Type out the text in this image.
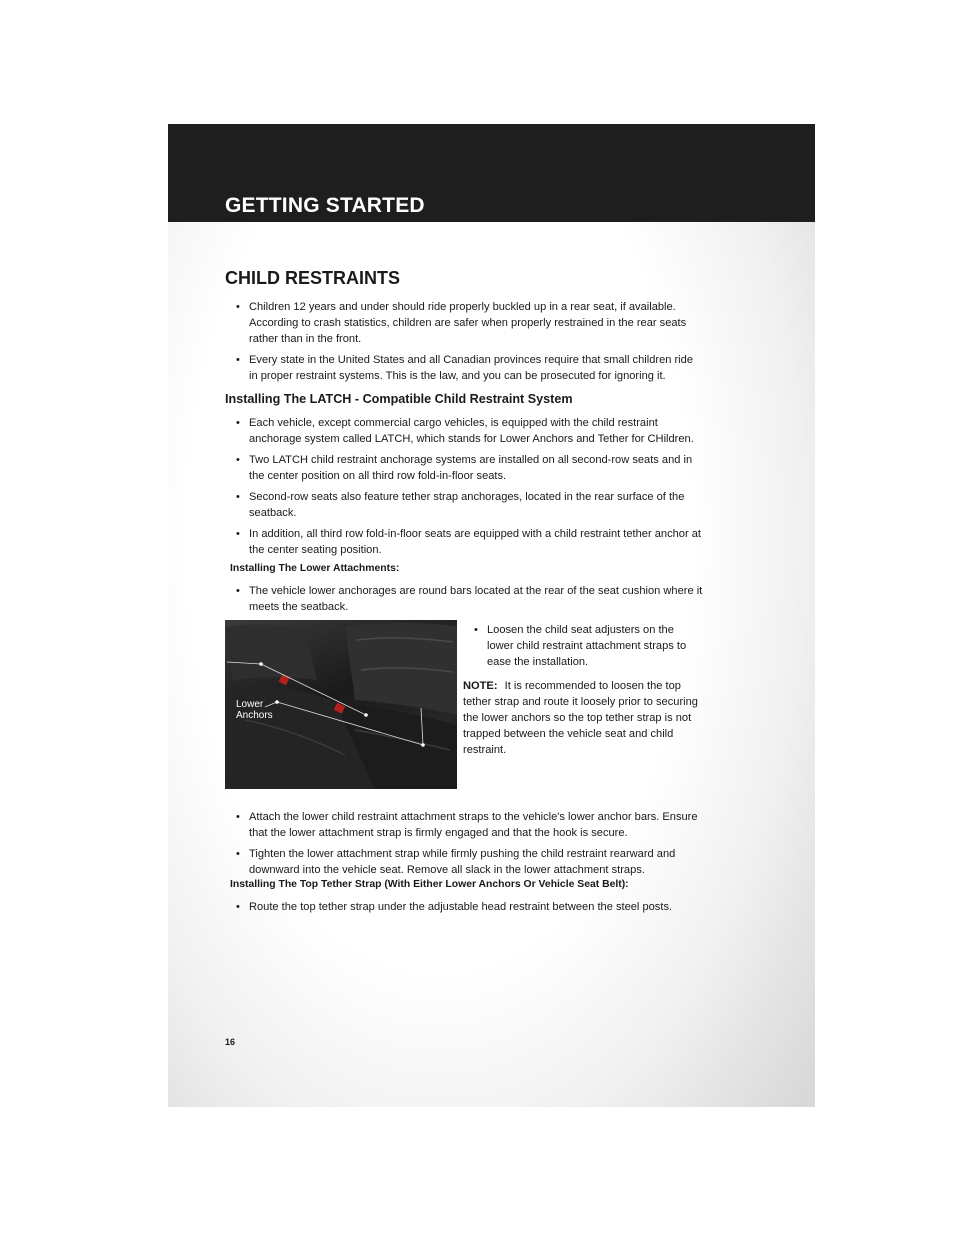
GETTING STARTED
CHILD RESTRAINTS
• Children 12 years and under should ride properly buckled up in a rear seat, if available. According to crash statistics, children are safer when properly restrained in the rear seats rather than in the front.
• Every state in the United States and all Canadian provinces require that small children ride in proper restraint systems. This is the law, and you can be prosecuted for ignoring it.
Installing The LATCH - Compatible Child Restraint System
• Each vehicle, except commercial cargo vehicles, is equipped with the child restraint anchorage system called LATCH, which stands for Lower Anchors and Tether for CHildren.
• Two LATCH child restraint anchorage systems are installed on all second-row seats and in the center position on all third row fold-in-floor seats.
• Second-row seats also feature tether strap anchorages, located in the rear surface of the seatback.
• In addition, all third row fold-in-floor seats are equipped with a child restraint tether anchor at the center seating position.
Installing The Lower Attachments:
• The vehicle lower anchorages are round bars located at the rear of the seat cushion where it meets the seatback.
Lower
Anchors
• Loosen the child seat adjusters on the lower child restraint attachment straps to ease the installation.

NOTE: It is recommended to loosen the top tether strap and route it loosely prior to securing the lower anchors so the top tether strap is not trapped between the vehicle seat and child restraint.

• Attach the lower child restraint attachment straps to the vehicle's lower anchor bars. Ensure that the lower attachment strap is firmly engaged and that the hook is secure.
• Tighten the lower attachment strap while firmly pushing the child restraint rearward and downward into the vehicle seat. Remove all slack in the lower attachment straps.
Installing The Top Tether Strap (With Either Lower Anchors Or Vehicle Seat Belt):
• Route the top tether strap under the adjustable head restraint between the steel posts.
16
